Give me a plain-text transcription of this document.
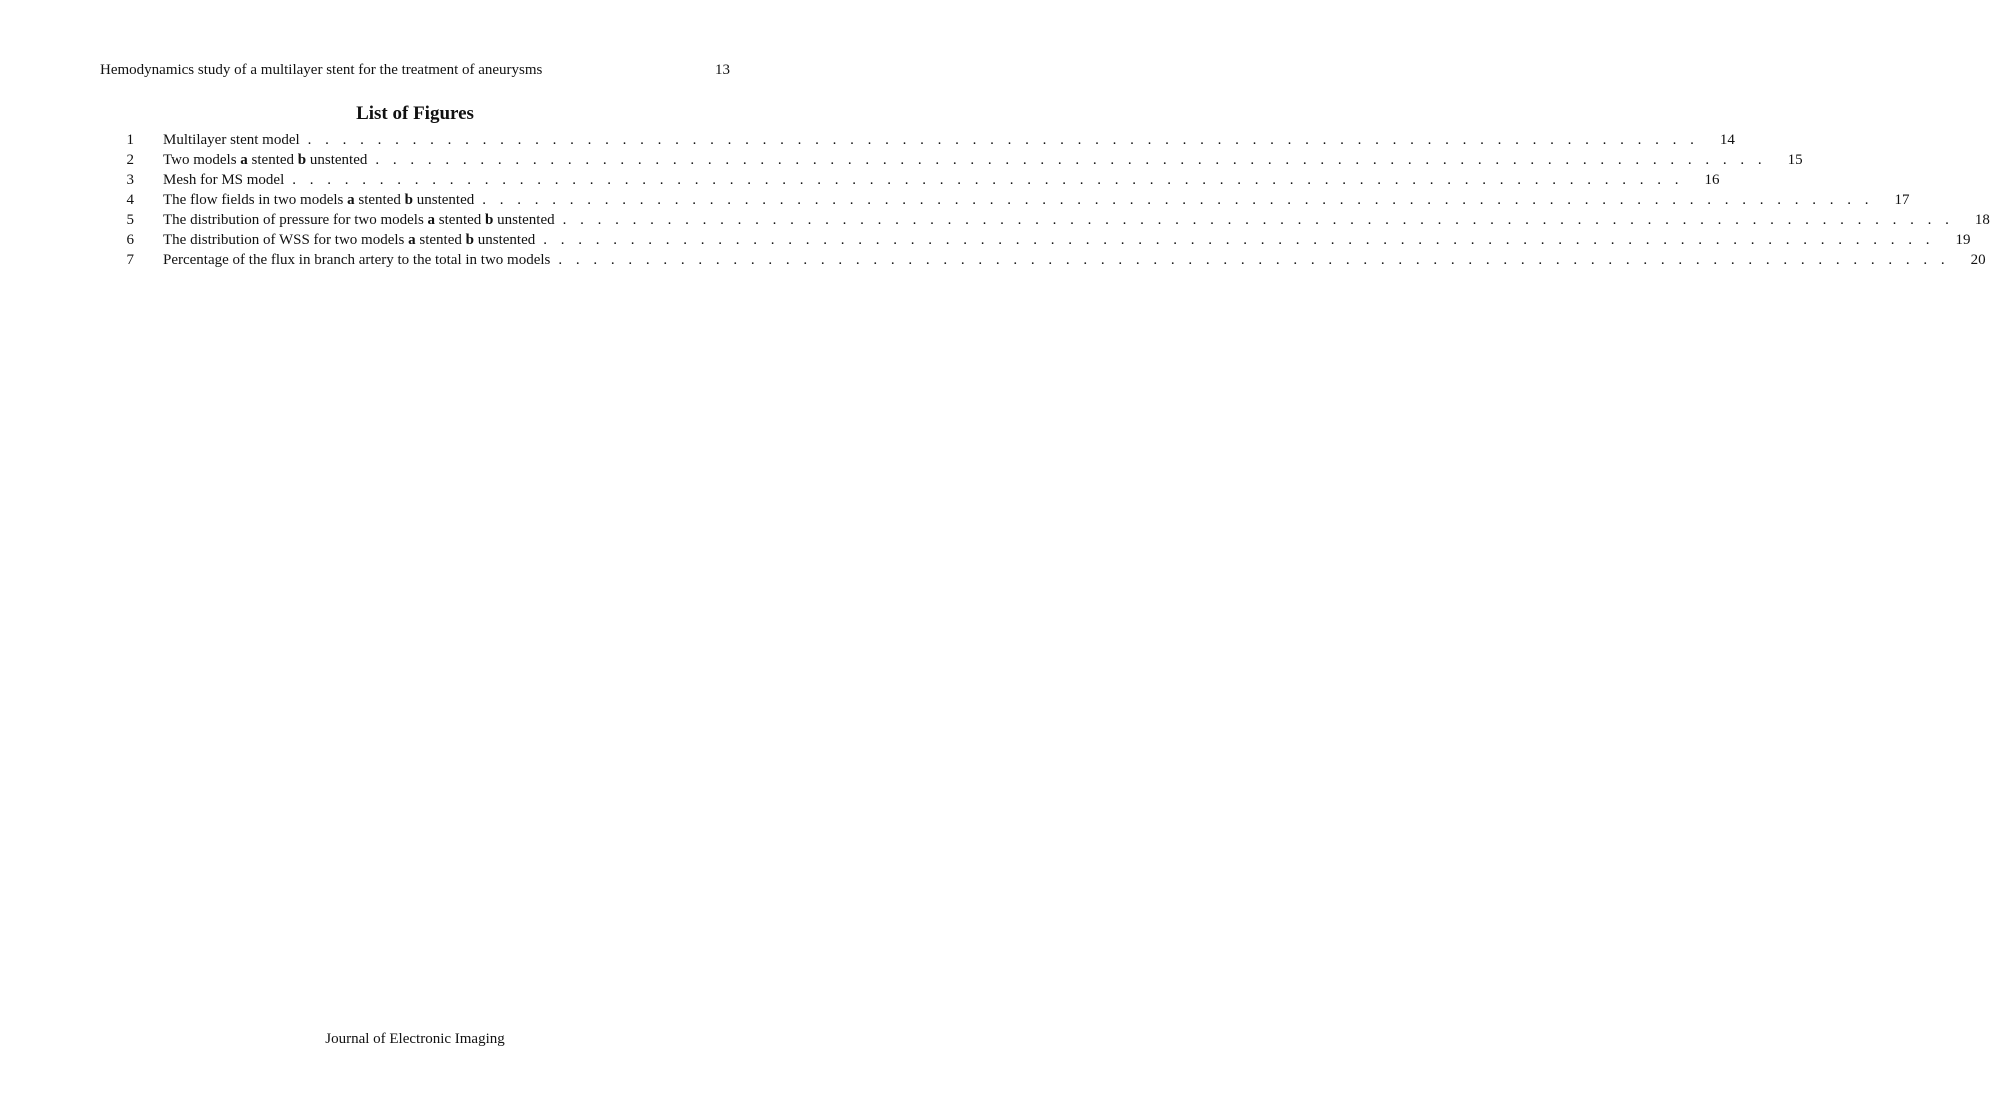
Hemodynamics study of a multilayer stent for the treatment of aneurysms	13
List of Figures
1 Multilayer stent model . . . . . . . . . . . . . . . . . . . . . . . . . . . . . . . . . . . . . . . . . . . . . . . . . . . . . . . . . . . . . . . . . . . . . . . . . . . . . . . .	14
2 Two models a stented b unstented . . . . . . . . . . . . . . . . . . . . . . . . . . . . . . . . . . . . . . . . . . . . . . . . . . . . . . . . . . . . . . . . . . . . . . . . . . . . . . . .	15
3 Mesh for MS model . . . . . . . . . . . . . . . . . . . . . . . . . . . . . . . . . . . . . . . . . . . . . . . . . . . . . . . . . . . . . . . . . . . . . . . . . . . . . . . .	16
4 The flow fields in two models a stented b unstented . . . . . . . . . . . . . . . . . . . . . . . . . . . . . . . . . . . . . . . . . . . . . . . . . . . . . . . . . . . . . . . . . . . . . . . . . . . . . . . .	17
5 The distribution of pressure for two models a stented b unstented . . . . . . . . . . . . . . . . . . . . . . . . . . . . . . . . . . . . . . . . . . . . . . . . . . . . . . . . . . . . . . . . . . . . . . . . . . . . . . . .	18
6 The distribution of WSS for two models a stented b unstented . . . . . . . . . . . . . . . . . . . . . . . . . . . . . . . . . . . . . . . . . . . . . . . . . . . . . . . . . . . . . . . . . . . . . . . . . . . . . . . .	19
7 Percentage of the flux in branch artery to the total in two models . . . . . . . . . . . . . . . . . . . . . . . . . . . . . . . . . . . . . . . . . . . . . . . . . . . . . . . . . . . . . . . . . . . . . . . . . . . . . . . .	20
Journal of Electronic Imaging
